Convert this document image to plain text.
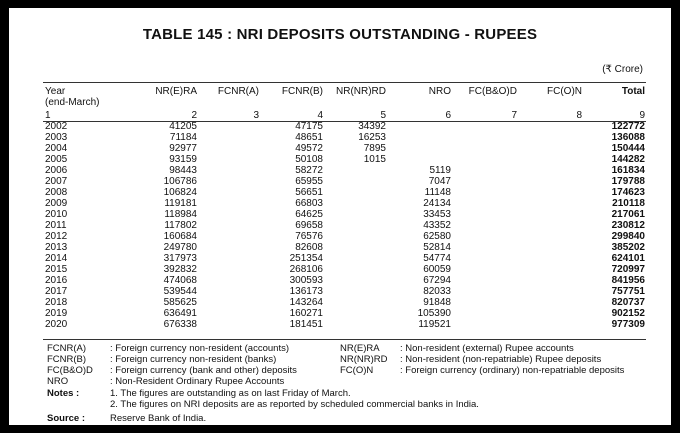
TABLE 145 : NRI DEPOSITS OUTSTANDING - RUPEES
(₹ Crore)
Year
(end-March)	NR(E)RA	FCNR(A)	FCNR(B)	NR(NR)RD	NRO	FC(B&O)D	FC(O)N	Total
1	2	3	4	5	6	7	8	9
2002	41205		47175	34392				122772
2003	71184		48651	16253				136088
2004	92977		49572	7895				150444
2005	93159		50108	1015				144282
2006	98443		58272		5119			161834
2007	106786		65955		7047			179788
2008	106824		56651		11148			174623
2009	119181		66803		24134			210118
2010	118984		64625		33453			217061
2011	117802		69658		43352			230812
2012	160684		76576		62580			299840
2013	249780		82608		52814			385202
2014	317973		251354		54774			624101
2015	392832		268106		60059			720997
2016	474068		300593		67294			841956
2017	539544		136173		82033			757751
2018	585625		143264		91848			820737
2019	636491		160271		105390			902152
2020	676338		181451		119521			977309
FCNR(A)	: Foreign currency non-resident (accounts)	NR(E)RA : Non-resident (external) Rupee accounts
FCNR(B)	: Foreign currency non-resident (banks)	NR(NR)RD : Non-resident (non-repatriable) Rupee deposits
FC(B&O)D : Foreign currency (bank and other) deposits	FC(O)N	: Foreign currency (ordinary) non-repatriable deposits
NRO	: Non-Resident Ordinary Rupee Accounts
Notes :	1. The figures are outstanding as on last Friday of March.
2. The figures on NRI deposits are as reported by scheduled commercial banks in India.
Source :	Reserve Bank of India.
